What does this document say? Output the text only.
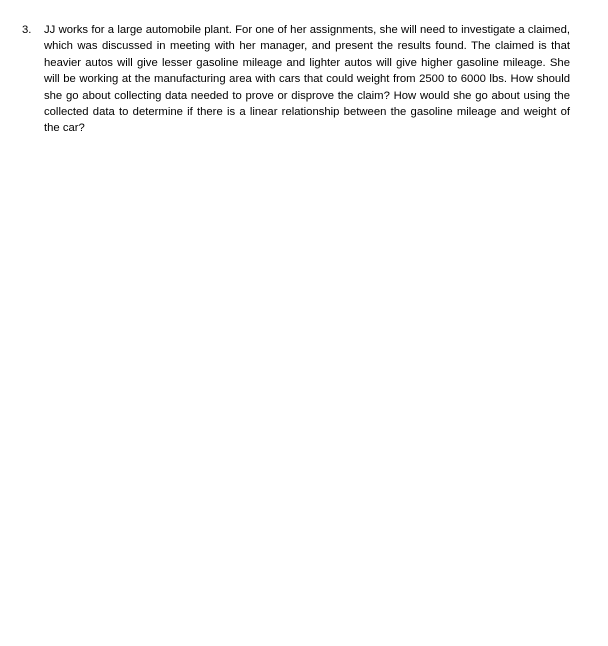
3.	JJ works for a large automobile plant. For one of her assignments, she will need to investigate a claimed, which was discussed in meeting with her manager, and present the results found. The claimed is that heavier autos will give lesser gasoline mileage and lighter autos will give higher gasoline mileage. She will be working at the manufacturing area with cars that could weight from 2500 to 6000 lbs. How should she go about collecting data needed to prove or disprove the claim? How would she go about using the collected data to determine if there is a linear relationship between the gasoline mileage and weight of the car?
